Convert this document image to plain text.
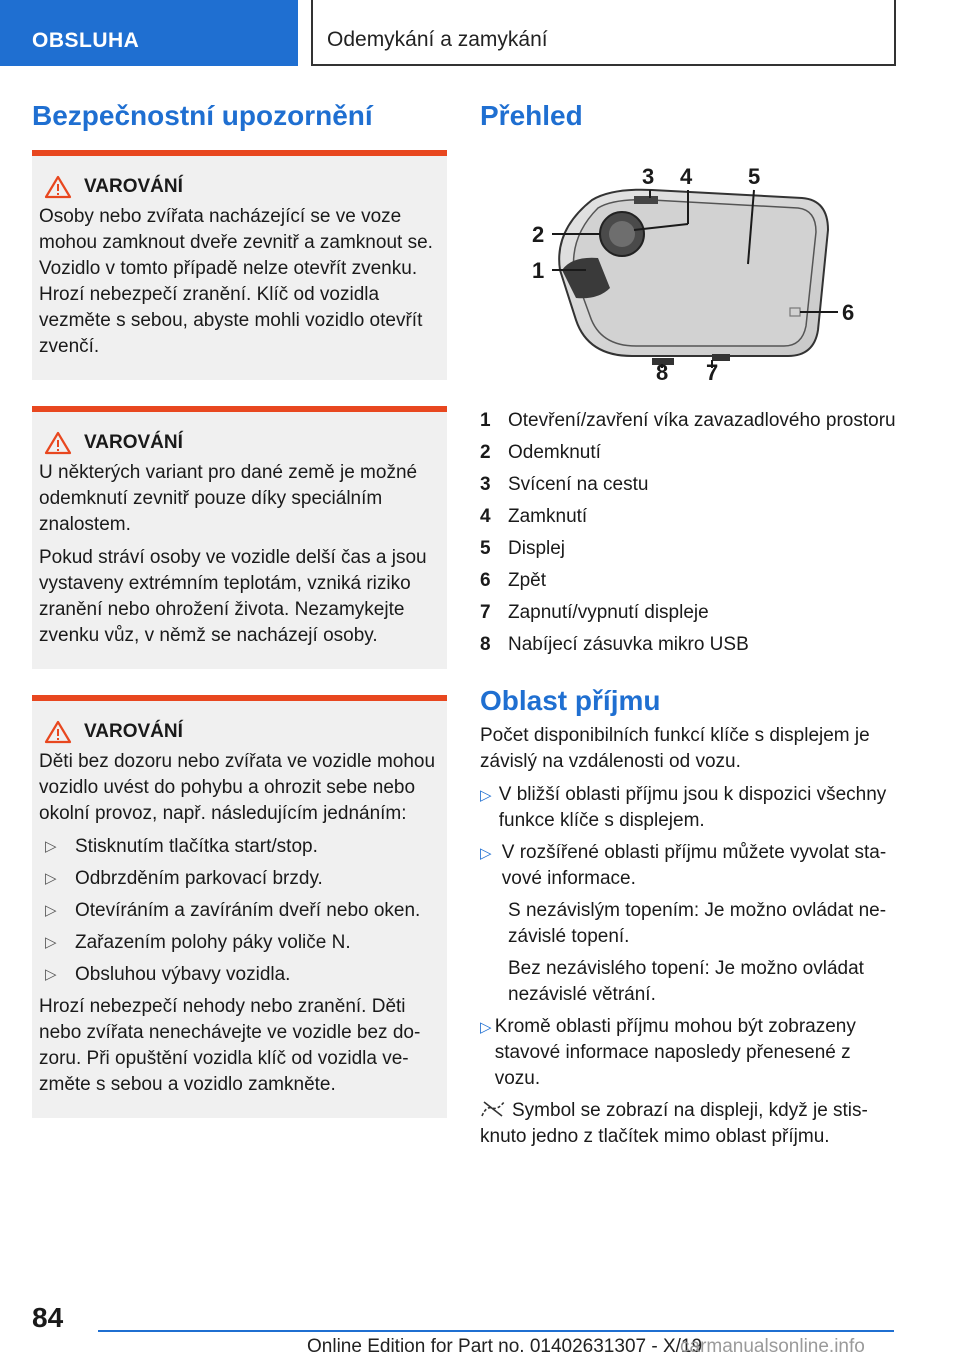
OBSLUHA	Odemykání a zamykání
Bezpečnostní upozornění
VAROVÁNÍ

Osoby nebo zvířata nacházející se ve voze mohou zamknout dveře zevnitř a zamknout se. Vozidlo v tomto případě nelze otevřít zvenku. Hrozí nebezpečí zranění. Klíč od vozidla vezměte s sebou, abyste mohli vozidlo otevřít zvenčí.

VAROVÁNÍ

U některých variant pro dané země je možné odemknutí zevnitř pouze díky speciálním znalostem.

Pokud stráví osoby ve vozidle delší čas a jsou vystaveny extrémním teplotám, vzniká riziko zranění nebo ohrožení života. Nezamykejte zvenku vůz, v němž se nacházejí osoby.

VAROVÁNÍ

Děti bez dozoru nebo zvířata ve vozidle mohou vozidlo uvést do pohybu a ohrozit sebe nebo okolní provoz, např. následujícím jednáním:

▷ Stisknutím tlačítka start/stop.
▷ Odbrzděním parkovací brzdy.
▷ Otevíráním a zavíráním dveří nebo oken.
▷ Zařazením polohy páky voliče N.
▷ Obsluhou výbavy vozidla.

Hrozí nebezpečí nehody nebo zranění. Děti nebo zvířata nenechávejte ve vozidle bez dozoru. Při opuštění vozidla klíč od vozidla vezměte s sebou a vozidlo zamkněte.

Přehled
1
2
3 4	5
6
7
8
1 Otevření/zavření víka zavazadlového prostoru
2 Odemknutí
3 Svícení na cestu
4 Zamknutí
5 Displej
6 Zpět
7 Zapnutí/vypnutí displeje
8 Nabíjecí zásuvka mikro USB
Oblast příjmu

Počet disponibilních funkcí klíče s displejem je závislý na vzdálenosti od vozu.

▷ V bližší oblasti příjmu jsou k dispozici všechny funkce klíče s displejem.
▷ V rozšířené oblasti příjmu můžete vyvolat stavové informace.
S nezávislým topením: Je možno ovládat nezávislé topení.
Bez nezávislého topení: Je možno ovládat nezávislé větrání.
▷ Kromě oblasti příjmu mohou být zobrazeny stavové informace naposledy přenesené z vozu.

Symbol se zobrazí na displeji, když je stisknuto jedno z tlačítek mimo oblast příjmu.

84
Online Edition for Part no. 01402631307 - X/19
carmanualsonline.info
